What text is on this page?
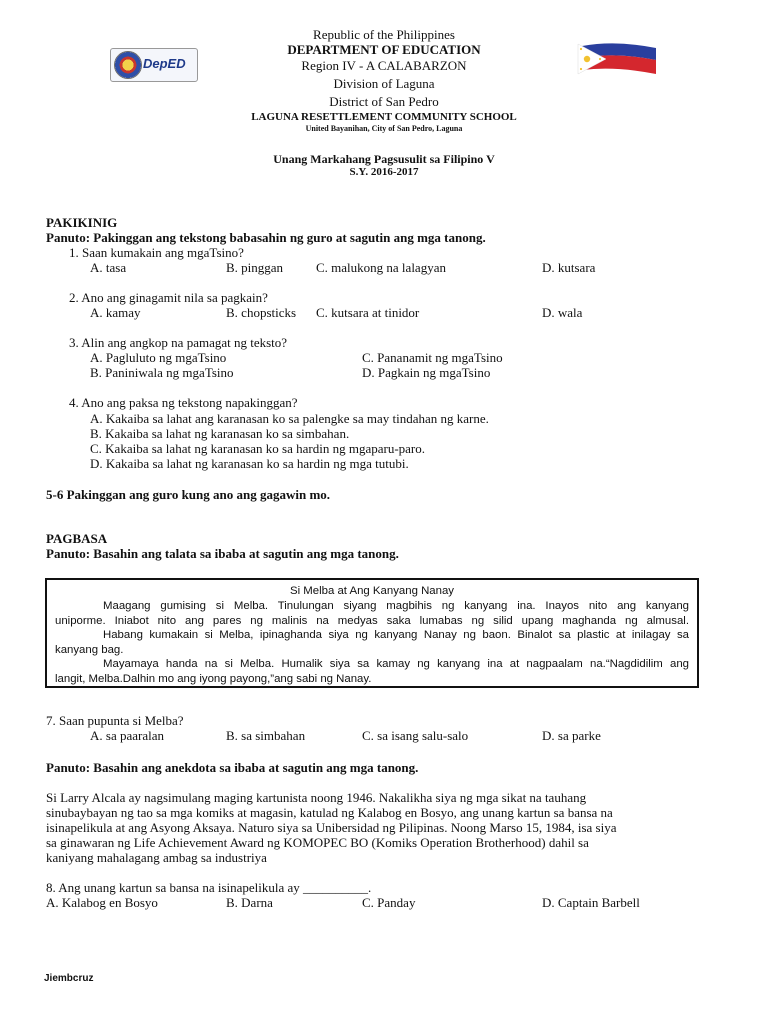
DepED
Republic of the Philippines
DEPARTMENT OF EDUCATION
Region IV - A CALABARZON
Division of Laguna
District of San Pedro
LAGUNA RESETTLEMENT COMMUNITY SCHOOL
United Bayanihan, City of San Pedro, Laguna
Unang Markahang Pagsusulit sa Filipino V
S.Y. 2016-2017
PAKIKINIG
Panuto: Pakinggan ang tekstong babasahin ng guro at sagutin ang mga tanong.
1. Saan kumakain ang mgaTsino?
A. tasa	B. pinggan	C. malukong na lalagyan	D. kutsara
2. Ano ang ginagamit nila sa pagkain?
A. kamay	B. chopsticks C. kutsara at tinidor	D. wala
3. Alin ang angkop na pamagat ng teksto?
A. Pagluluto ng mgaTsino	C. Pananamit ng mgaTsino
B. Paniniwala ng mgaTsino	D. Pagkain ng mgaTsino
4. Ano ang paksa ng tekstong napakinggan?
A. Kakaiba sa lahat ang karanasan ko sa palengke sa may tindahan ng karne.
B. Kakaiba sa lahat ng karanasan ko sa simbahan.
C. Kakaiba sa lahat ng karanasan ko sa hardin ng mgaparu-paro.
D. Kakaiba sa lahat ng karanasan ko sa hardin ng mga tutubi.
5-6 Pakinggan ang guro kung ano ang gagawin mo.
PAGBASA
Panuto: Basahin ang talata sa ibaba at sagutin ang mga tanong.
Si Melba at Ang Kanyang Nanay
Maagang gumising si Melba. Tinulungan siyang magbihis ng kanyang ina. Inayos nito ang kanyang
uniporme. Iniabot nito ang pares ng malinis na medyas saka lumabas ng silid upang maghanda ng almusal.
Habang kumakain si Melba, ipinaghanda siya ng kanyang Nanay ng baon. Binalot sa plastic at inilagay sa
kanyang bag.
Mayamaya handa na si Melba. Humalik siya sa kamay ng kanyang ina at nagpaalam na.“Nagdidilim ang
langit, Melba.Dalhin mo ang iyong payong,”ang sabi ng Nanay.
7. Saan pupunta si Melba?
A. sa paaralan	B. sa simbahan	C. sa isang salu-salo	D. sa parke
Panuto: Basahin ang anekdota sa ibaba at sagutin ang mga tanong.
Si Larry Alcala ay nagsimulang maging kartunista noong 1946. Nakalikha siya ng mga sikat na tauhang
sinubaybayan ng tao sa mga komiks at magasin, katulad ng Kalabog en Bosyo, ang unang kartun sa bansa na
isinapelikula at ang Asyong Aksaya. Naturo siya sa Unibersidad ng Pilipinas. Noong Marso 15, 1984, isa siya
sa ginawaran ng Life Achievement Award ng KOMOPEC BO (Komiks Operation Brotherhood) dahil sa
kaniyang mahalagang ambag sa industriya
8. Ang unang kartun sa bansa na isinapelikula ay __________.
A. Kalabog en Bosyo	B. Darna	C. Panday	D. Captain Barbell
Jiembcruz
